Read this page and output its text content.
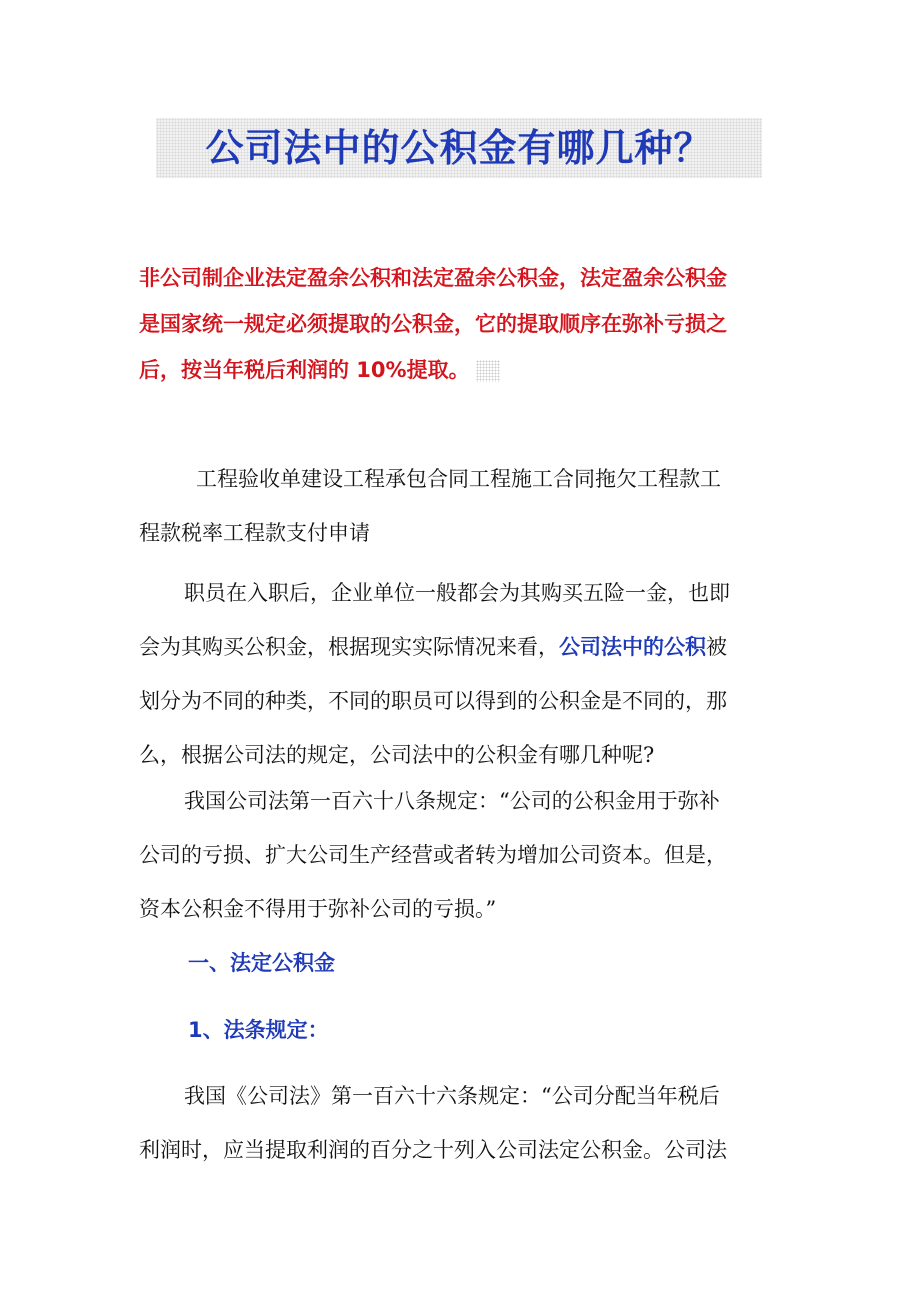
公司法中的公积金有哪几种？
非公司制企业法定盈余公积和法定盈余公积金，法定盈余公积金
是国家统一规定必须提取的公积金，它的提取顺序在弥补亏损之
后，按当年税后利润的 10%提取。
工程验收单建设工程承包合同工程施工合同拖欠工程款工
程款税率工程款支付申请
职员在入职后，企业单位一般都会为其购买五险一金，也即
会为其购买公积金，根据现实实际情况来看，公司法中的公积被
划分为不同的种类，不同的职员可以得到的公积金是不同的，那
么，根据公司法的规定，公司法中的公积金有哪几种呢?
我国公司法第一百六十八条规定：“公司的公积金用于弥补
公司的亏损、扩大公司生产经营或者转为增加公司资本。但是，
资本公积金不得用于弥补公司的亏损。”
一、法定公积金
1、法条规定：
我国《公司法》第一百六十六条规定：“公司分配当年税后
利润时，应当提取利润的百分之十列入公司法定公积金。公司法
